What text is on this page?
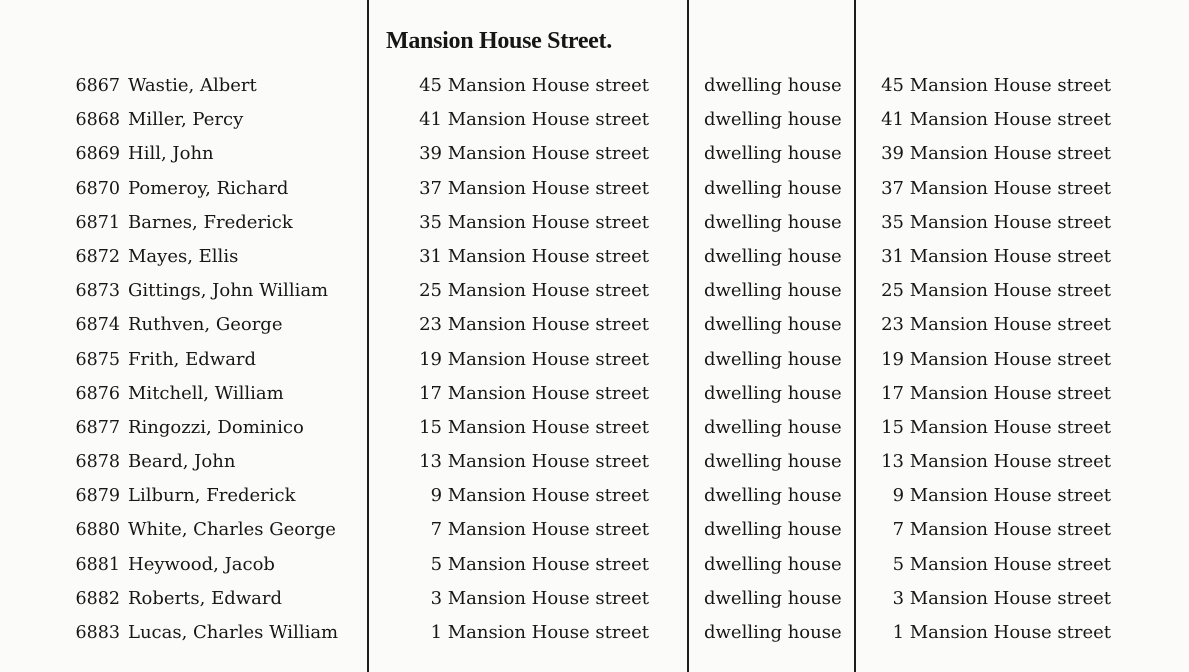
Mansion House Street.
6867 Wastie, Albert	45 Mansion House street	dwelling house 45 Mansion House street
6868 Miller, Percy	41 Mansion House street	dwelling house 41 Mansion House street
6869 Hill, John	39 Mansion House street	dwelling house 39 Mansion House street
6870 Pomeroy, Richard	37 Mansion House street	dwelling house 37 Mansion House street
6871 Barnes, Frederick	35 Mansion House street	dwelling house 35 Mansion House street
6872 Mayes, Ellis	31 Mansion House street	dwelling house 31 Mansion House street
6873 Gittings, John William	25 Mansion House street	dwelling house 25 Mansion House street
6874 Ruthven, George	23 Mansion House street	dwelling house 23 Mansion House street
6875 Frith, Edward	19 Mansion House street	dwelling house 19 Mansion House street
6876 Mitchell, William	17 Mansion House street	dwelling house 17 Mansion House street
6877 Ringozzi, Dominico	15 Mansion House street	dwelling house 15 Mansion House street
6878 Beard, John	13 Mansion House street	dwelling house 13 Mansion House street
6879 Lilburn, Frederick	9 Mansion House street	dwelling house	9 Mansion House street
6880 White, Charles George	7 Mansion House street	dwelling house	7 Mansion House street
6881 Heywood, Jacob	5 Mansion House street	dwelling house	5 Mansion House street
6882 Roberts, Edward	3 Mansion House street	dwelling house	3 Mansion House street
6883 Lucas, Charles William	1 Mansion House street	dwelling house	1 Mansion House street
